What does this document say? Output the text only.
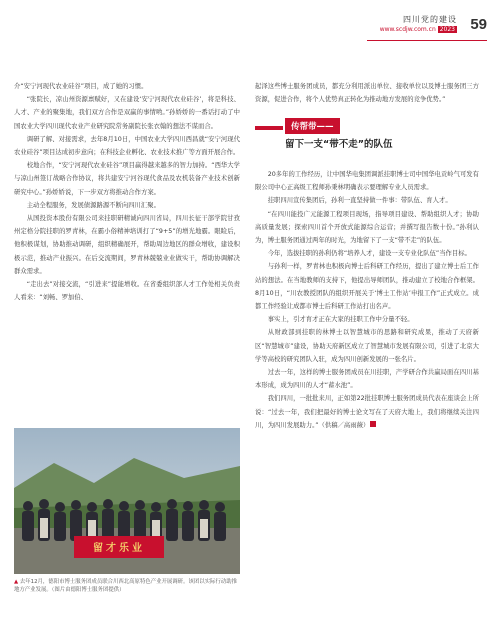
四川党的建设
www.scdjw.com.cn 2023 59

介“安宁河现代农业硅谷”项目，成了她的习惯。

“张院长，凉山州资源禀赋好，又在建设‘安宁河现代农业硅谷’，将是科技、人才、产业的聚集地，我们双方合作是双赢的事情哟。”孙娇娇的一番话打动了中国农业大学四川现代农业产业研究院常务副院长张衣翰的想法不谋而合。

调研了解、对接需求，去年8月10日，中国农业大学四川西昌就“安宁河现代农业硅谷”项目达成初步意向；在科技企业孵化、农业技术推广等方面开展合作。

校地合作，“安宁河现代农业硅谷”项目赢得越来越多的智力加持。“西华大学与凉山州签订战略合作协议，将共建安宁河谷现代食品及农机装备产业技术创新研究中心。”孙娇娇说，下一步双方将推动合作方案。

主动全程服务，发展债源路源不断向四川汇聚。

从国投资本股份有限公司来挂职研精诚向四川省局，四川长征干部学院甘孜州定格分院挂职的罗青林，在霸小俗精神培训打了“9+5”的增光地霸。眼睑后，他积极谋划，协助推动调研，组织精确展开，帮助周边地区的群众增收，建设积极示范，推动产业振兴。在后交流期间，罗青林兢兢业业做实干，帮助协调解决群众需求。

“走出去”对接交流，“引进来”提能增收。在省委组织部人才工作处相关负责人看来：“刘畅、罗加伯、

留才乐业
▲ 去年12月，德阳市博士服务团成员联合川西北高原特色产业开展调研。该团以实际行动助推地方产业发展。（图片由德阳博士服务团提供）

起泽这些博士服务团成员，都充分利用派出单位、接收单位以及博士服务团三方资源，促进合作，将个人优势真正转化为推动地方发展的竞争优势。”

传帮带——
留下一支“带不走”的队伍

20多年的工作经历，让中国华电集团调派挂职博士司中国华电贡岭气可发有限公司中心正高级工程师孙秉林明确表示要理解专业人员需求。

挂职四川宣传集团后，孙利一直坚持做一件事：带队伍、育人才。

“在四川能投广元能源工程项目现场，指导项目建设、帮助组织人才；协助高质量发展；探索四川首个开放式能源综合运营；并撰写报告数十份。”孙利认为，博士服务团通过两年的时光，为地留下了一支“带不走”的队伍。

今年，选拔挂职的孙利仍将“培养人才，建设一支专业化队伍”当作目标。

与孙利一样，罗青林也积极向博士后科研工作经历，提出了建立博士后工作站的想法。在当地教师的支持下，他提出导师团队，推动建立了校地合作框架。8月10日，“川农教授团队的组织开展关于‘博士工作站’申报工作”正式成立。成都工作经验让成都市博士后科研工作站打出名声。

事实上，引才育才正在大家的挂职工作中分量不轻。

从财政部到挂职的林博士以智慧城市的思路和研究成果，推动了天府新区“智慧城市”建设，协助天府新区成立了智慧城市发展有限公司，引进了北京大学等高校的研究团队入驻，成为四川创新发展的一张名片。

过去一年，这样的博士服务团成员在川挂职，产学研合作共赢局面在四川基本形成，成为四川的人才“蓄水池”。

我们四川，一批批来川，正如第22批挂职博士服务团成员代表在座谈会上所说：“过去一年，我们把最好的博士论文写在了天府大地上，我们将继续关注四川，为四川发展助力。”（供稿／高雨薇）
